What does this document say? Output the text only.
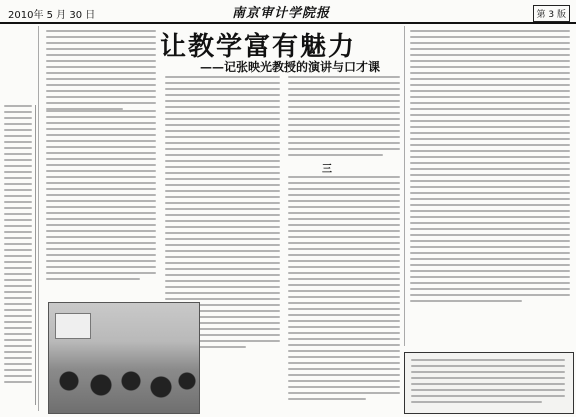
2010年 5 月 30 日	南京审计学院报	第 3 版
让教学富有魅力
——记张映光教授的演讲与口才课
三
